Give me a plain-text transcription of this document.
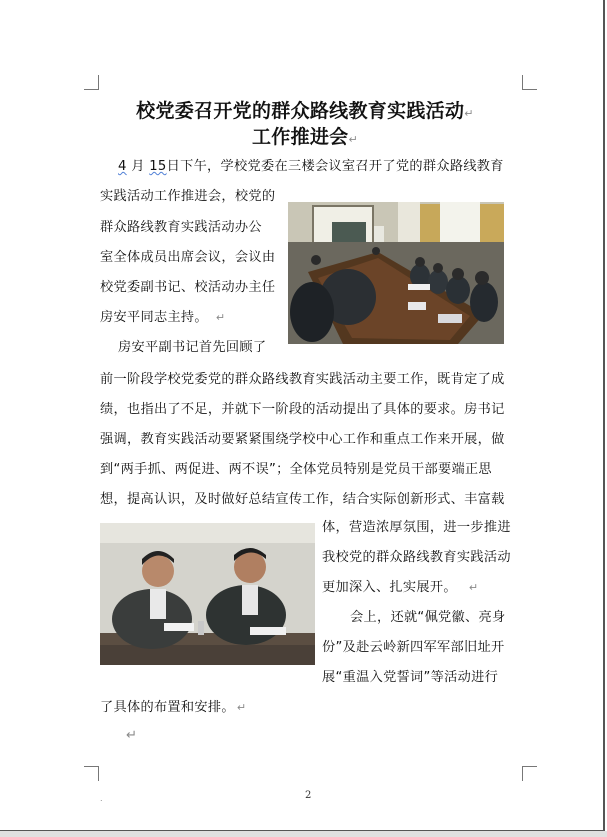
校党委召开党的群众路线教育实践活动↵
工作推进会↵
4 月 15日下午，学校党委在三楼会议室召开了党的群众路线教育
实践活动工作推进会，校党的
群众路线教育实践活动办公
室全体成员出席会议，会议由
校党委副书记、校活动办主任
房安平同志主持。 ↵
房安平副书记首先回顾了
前一阶段学校党委党的群众路线教育实践活动主要工作，既肯定了成
绩，也指出了不足，并就下一阶段的活动提出了具体的要求。房书记
强调，教育实践活动要紧紧围绕学校中心工作和重点工作来开展，做
到“两手抓、两促进、两不误”；全体党员特别是党员干部要端正思
想，提高认识，及时做好总结宣传工作，结合实际创新形式、丰富载
体，营造浓厚氛围，进一步推进
我校党的群众路线教育实践活动
更加深入、扎实展开。 ↵
会上，还就“佩党徽、亮身
份”及赴云岭新四军军部旧址开
展“重温入党誓词”等活动进行
了具体的布置和安排。 ↵
↵
.	2
